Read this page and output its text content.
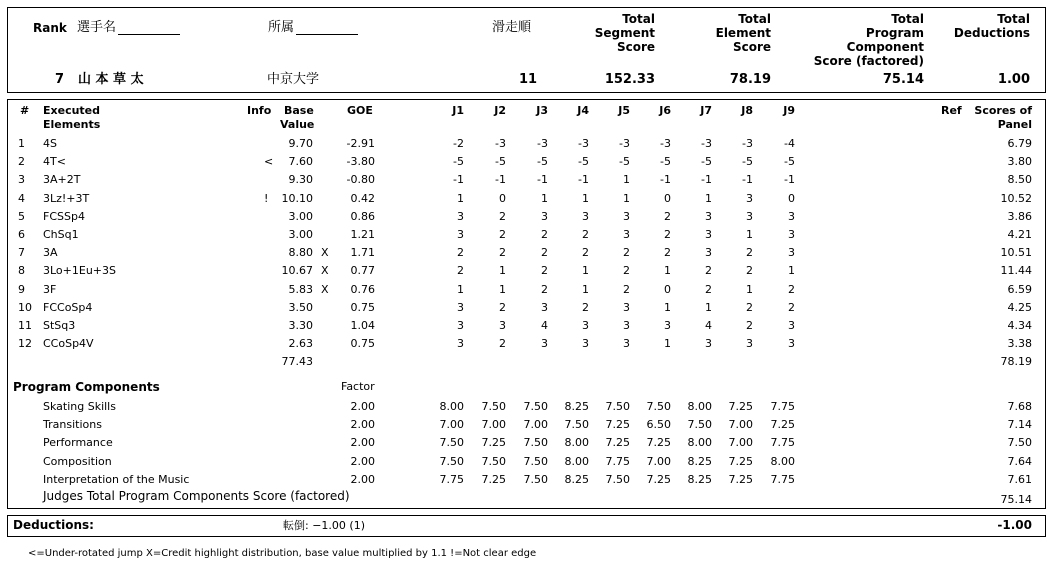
Rank 選手名	所属	滑走順
Total
Segment
Score
Total
Element
Score
Total
Program
Component
Score (factored)
Total
Deductions
7 山 本 草 太	中京大学	11	152.33	78.19	75.14	1.00
# Executed
Elements
Info Base
Value
GOE	J1	J2	J3	J4	J5	J6	J7	J8	J9	Ref Scores of
Panel
1 4S	9.70	-2.91	-2	-3	-3	-3	-3	-3	-3	-3	-4	6.79
2 4T<	< 7.60	-3.80	-5	-5	-5	-5	-5	-5	-5	-5	-5	3.80
3 3A+2T	9.30	-0.80	-1	-1	-1	-1	1	-1	-1	-1	-1	8.50
4 3Lz!+3T	! 10.10	0.42	1	0	1	1	1	0	1	3	0	10.52
5 FCSSp4	3.00	0.86	3	2	3	3	3	2	3	3	3	3.86
6 ChSq1	3.00	1.21	3	2	2	2	3	2	3	1	3	4.21
7 3A	8.80 X 1.71	2	2	2	2	2	2	3	2	3	10.51
8 3Lo+1Eu+3S	10.67 X 0.77	2	1	2	1	2	1	2	2	1	11.44
9 3F	5.83 X 0.76	1	1	2	1	2	0	2	1	2	6.59
10 FCCoSp4	3.50	0.75	3	2	3	2	3	1	1	2	2	4.25
11 StSq3	3.30	1.04	3	3	4	3	3	3	4	2	3	4.34
12 CCoSp4V	2.63	0.75	3	2	3	3	3	1	3	3	3	3.38
77.43	78.19
Program Components	Factor
Skating Skills	2.00	8.00 7.50 7.50 8.25 7.50 7.50 8.00 7.25 7.75	7.68
Transitions	2.00	7.00 7.00 7.00 7.50 7.25 6.50 7.50 7.00 7.25	7.14
Performance	2.00	7.50 7.25 7.50 8.00 7.25 7.25 8.00 7.00 7.75	7.50
Composition	2.00	7.50 7.50 7.50 8.00 7.75 7.00 8.25 7.25 8.00	7.64
Interpretation of the Music	2.00	7.75 7.25 7.50 8.25 7.50 7.25 8.25 7.25 7.75	7.61
Judges Total Program Components Score (factored)	75.14
Deductions:	転倒: −1.00 (1)	-1.00
<=Under-rotated jump X=Credit highlight distribution, base value multiplied by 1.1 !=Not clear edge
